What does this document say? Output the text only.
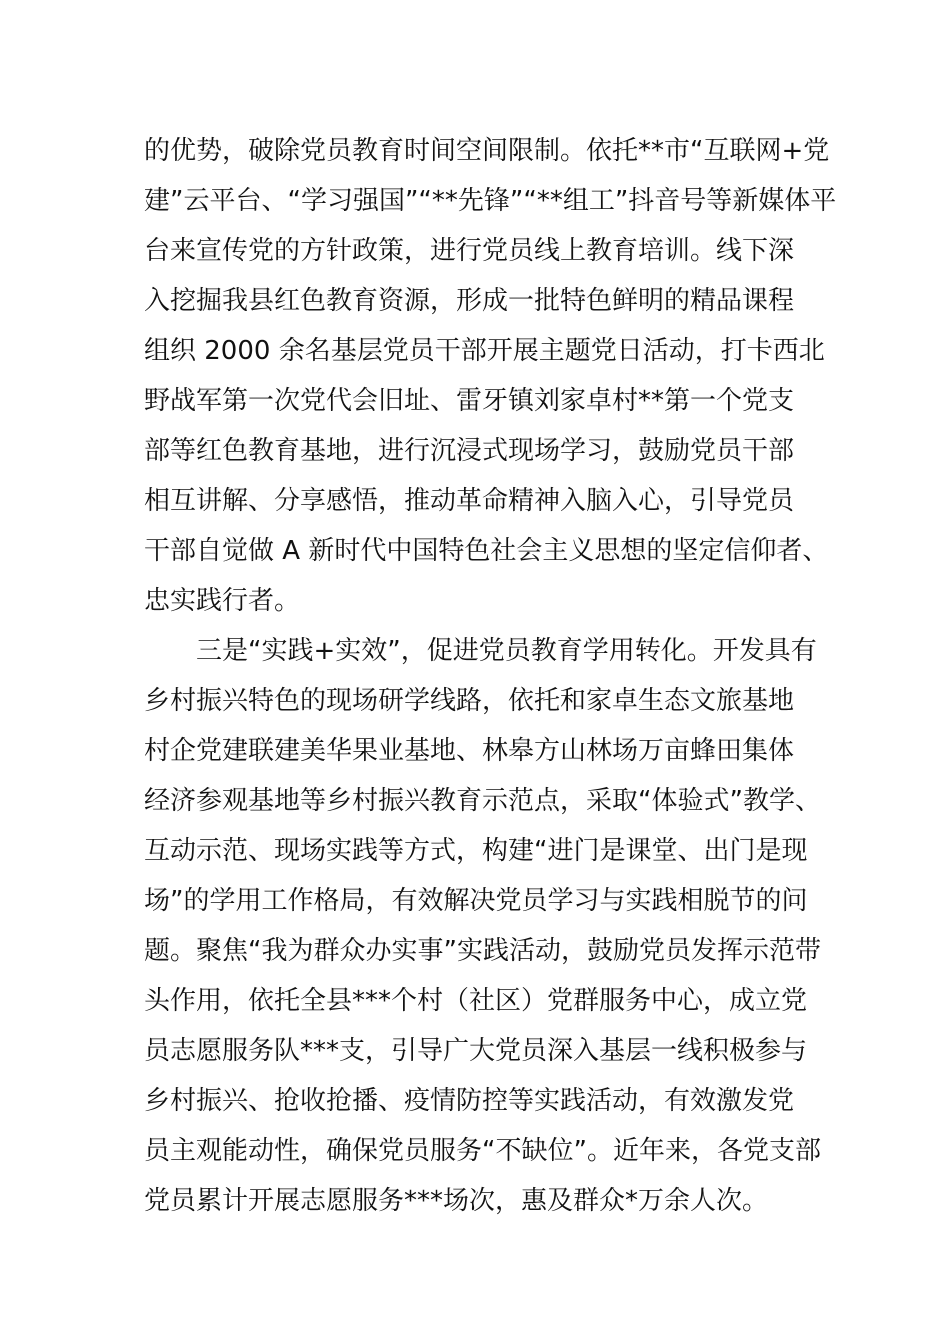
的优势，破除党员教育时间空间限制。依托**市“互联网+党
建”云平台、“学习强国”“**先锋”“**组工”抖音号等新媒体平
台来宣传党的方针政策，进行党员线上教育培训。线下深
入挖掘我县红色教育资源，形成一批特色鲜明的精品课程
组织 2000 余名基层党员干部开展主题党日活动，打卡西北
野战军第一次党代会旧址、雷牙镇刘家卓村**第一个党支
部等红色教育基地，进行沉浸式现场学习，鼓励党员干部
相互讲解、分享感悟，推动革命精神入脑入心，引导党员
干部自觉做 A 新时代中国特色社会主义思想的坚定信仰者、
忠实践行者。
三是“实践+实效”，促进党员教育学用转化。开发具有
乡村振兴特色的现场研学线路，依托和家卓生态文旅基地
村企党建联建美华果业基地、林皋方山林场万亩蜂田集体
经济参观基地等乡村振兴教育示范点，采取“体验式”教学、
互动示范、现场实践等方式，构建“进门是课堂、出门是现
场”的学用工作格局，有效解决党员学习与实践相脱节的问
题。聚焦“我为群众办实事”实践活动，鼓励党员发挥示范带
头作用，依托全县***个村（社区）党群服务中心，成立党
员志愿服务队***支，引导广大党员深入基层一线积极参与
乡村振兴、抢收抢播、疫情防控等实践活动，有效激发党
员主观能动性，确保党员服务“不缺位”。近年来，各党支部
党员累计开展志愿服务***场次，惠及群众*万余人次。
